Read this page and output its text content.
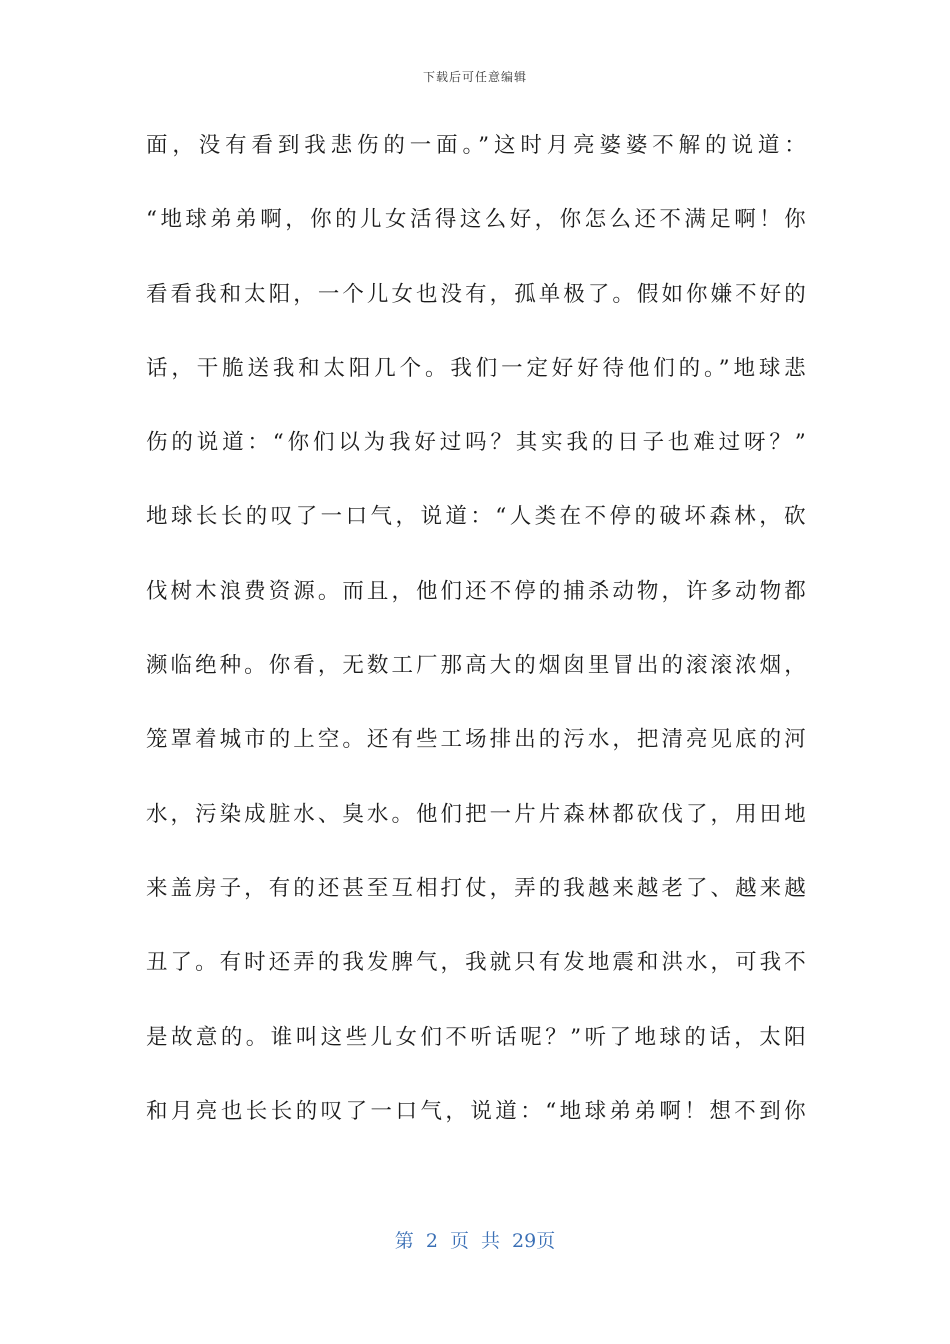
下载后可任意编辑
面，没有看到我悲伤的一面。”这时月亮婆婆不解的说道：
“地球弟弟啊，你的儿女活得这么好，你怎么还不满足啊！你
看看我和太阳，一个儿女也没有，孤单极了。假如你嫌不好的
话，干脆送我和太阳几个。我们一定好好待他们的。”地球悲
伤的说道：“你们以为我好过吗？其实我的日子也难过呀？”
地球长长的叹了一口气，说道：“人类在不停的破坏森林，砍
伐树木浪费资源。而且，他们还不停的捕杀动物，许多动物都
濒临绝种。你看，无数工厂那高大的烟囱里冒出的滚滚浓烟，
笼罩着城市的上空。还有些工场排出的污水，把清亮见底的河
水，污染成脏水、臭水。他们把一片片森林都砍伐了，用田地
来盖房子，有的还甚至互相打仗，弄的我越来越老了、越来越
丑了。有时还弄的我发脾气，我就只有发地震和洪水，可我不
是故意的。谁叫这些儿女们不听话呢？”听了地球的话，太阳
和月亮也长长的叹了一口气，说道：“地球弟弟啊！想不到你
第 2 页 共 29页
